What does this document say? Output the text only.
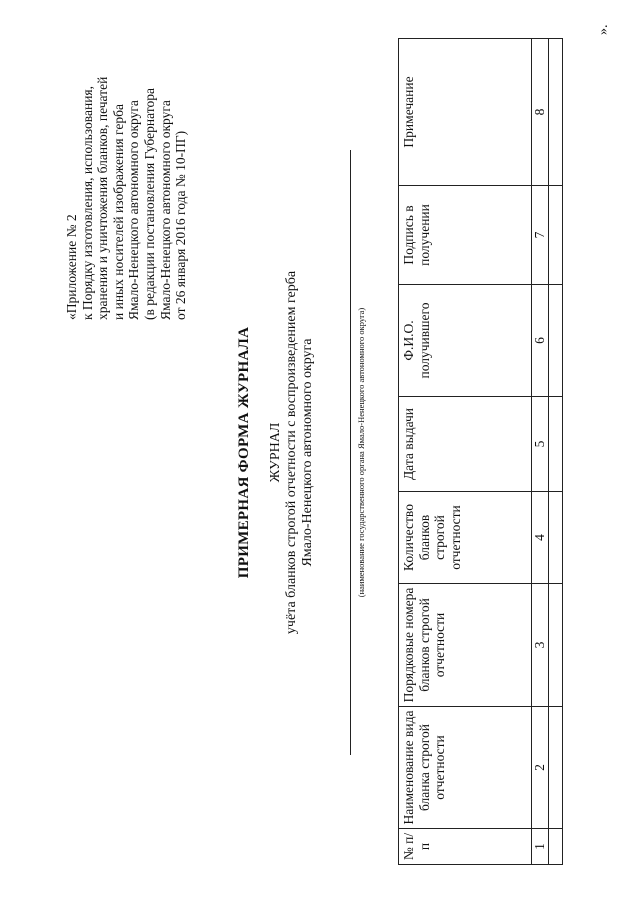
«Приложение № 2 к Порядку изготовления, использования, хранения и уничтожения бланков, печатей и иных носителей изображения герба Ямало-Ненецкого автономного округа (в редакции постановления Губернатора Ямало-Ненецкого автономного округа от 26 января 2016 года № 10-ПГ)
ПРИМЕРНАЯ ФОРМА ЖУРНАЛА ЖУРНАЛ учёта бланков строгой отчетности с воспроизведением герба Ямало-Ненецкого автономного округа	(наименование государственного органа Ямало-Ненецкого автономного округа)
№ п/п	Наименование вида бланка строгой отчетности	Порядковые номера бланков строгой отчетности	Количество бланков строгой отчетности	Дата выдачи	Ф.И.О. получившего	Подпись в получении	Примечание
1	2	3	4	5	6	7	8

».
